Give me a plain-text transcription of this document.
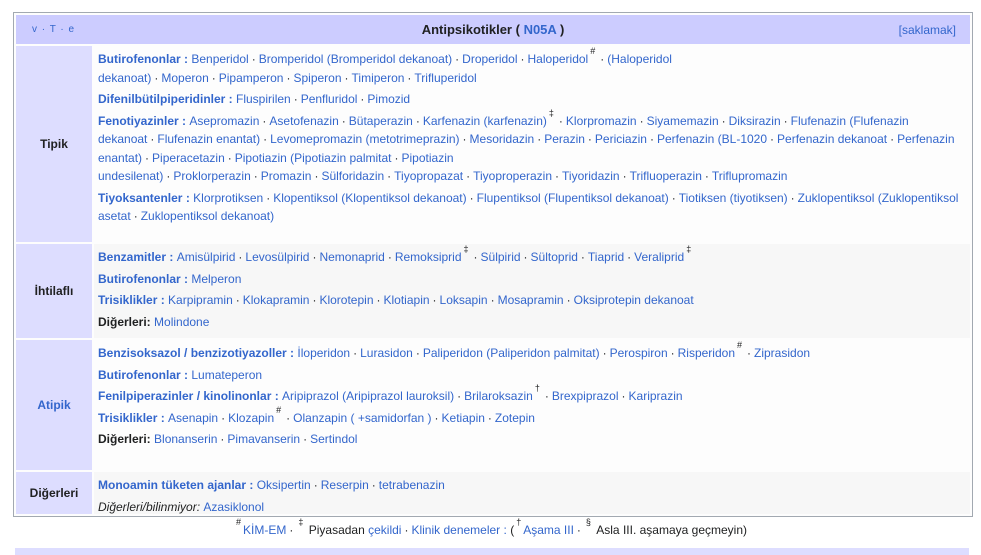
v · T · e	Antipsikotikler ( N05A )	[saklamak]
Tipik
Butirofenonlar : Benperidol · Bromperidol (Bromperidol dekanoat) · Droperidol · Haloperidol#· (Haloperidol dekanoat) · Moperon · Pipamperon · Spiperon · Timiperon · Trifluperidol
Difenilbütilpiperidinler : Fluspirilen · Penfluridol · Pimozid
Fenotiyazinler : Asepromazin · Asetofenazin · Bütaperazin · Karfenazin (karfenazin)‡· Klorpromazin · Siyamemazin · Diksirazin · Flufenazin (Flufenazin dekanoat · Flufenazin enantat) · Levomepromazin (metotrimeprazin) · Mesoridazin · Perazin · Periciazin · Perfenazin (BL-1020 · Perfenazin dekanoat · Perfenazin enantat) · Piperacetazin · Pipotiazin (Pipotiazin palmitat · Pipotiazin undesilenat) · Proklorperazin · Promazin · Sülforidazin · Tiyopropazat · Tiyoproperazin · Tiyoridazin · Trifluoperazin · Triflupromazin
Tiyoksantenler : Klorprotiksen · Klopentiksol (Klopentiksol dekanoat) · Flupentiksol (Flupentiksol dekanoat) · Tiotiksen (tiyotiksen) · Zuklopentiksol (Zuklopentiksol asetat · Zuklopentiksol dekanoat)
İhtilaflı
Benzamitler : Amisülpirid · Levosülpirid · Nemonaprid · Remoksiprid‡· Sülpirid · Sültoprid · Tiaprid · Veraliprid‡
Butirofenonlar : Melperon
Trisiklikler : Karpipramin · Klokapramin · Klorotepin · Klotiapin · Loksapin · Mosapramin · Oksiprotepin dekanoat
Diğerleri: Molindone
Atipik
Benzisoksazol / benzizotiyazoller : İloperidon · Lurasidon · Paliperidon (Paliperidon palmitat) · Perospiron · Risperidon#· Ziprasidon
Butirofenonlar : Lumateperon
Fenilpiperazinler / kinolinonlar : Aripiprazol (Aripiprazol lauroksil) · Brilaroksazin†· Brexpiprazol · Kariprazin
Trisiklikler : Asenapin · Klozapin#· Olanzapin ( +samidorfan ) · Ketiapin · Zotepin
Diğerleri: Blonanserin · Pimavanserin · Sertindol
Diğerleri
Monoamin tüketen ajanlar : Oksipertin · Reserpin · tetrabenazin
Diğerleri/bilinmiyor: Azasiklonol
#KİM-EM ·‡ Piyasadan çekildi · Klinik denemeler : (†Aşama III ·§ Asla III. aşamaya geçmeyin)
